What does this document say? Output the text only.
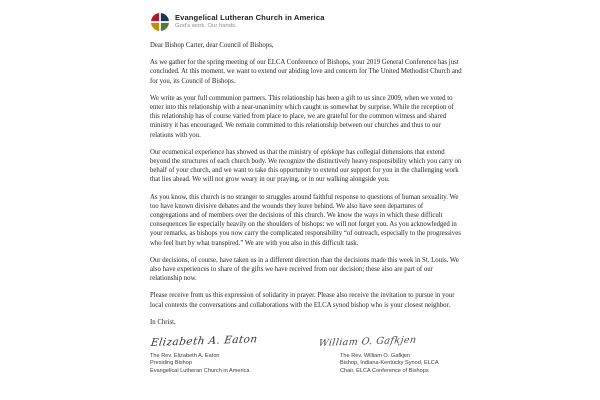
Evangelical Lutheran Church in America
God's work. Our hands.

Dear Bishop Carter, dear Council of Bishops,

As we gather for the spring meeting of our ELCA Conference of Bishops, your 2019 General Conference has just concluded. At this moment, we want to extend our abiding love and concern for The United Methodist Church and for you, its Council of Bishops.

We write as your full communion partners. This relationship has been a gift to us since 2009, when we voted to enter into this relationship with a near-unanimity which caught us somewhat by surprise. While the reception of this relationship has of course varied from place to place, we are grateful for the common witness and shared ministry it has encouraged. We remain committed to this relationship between our churches and thus to our relations with you.

Our ecumenical experience has showed us that the ministry of episkope has collegial dimensions that extend beyond the structures of each church body. We recognize the distinctively heavy responsibility which you carry on behalf of your church, and we want to take this opportunity to extend our support for you in the challenging work that lies ahead. We will not grow weary in our praying, or in our walking alongside you.

As you know, this church is no stranger to struggles around faithful response to questions of human sexuality. We too have known divisive debates and the wounds they leave behind. We also have seen departures of congregations and of members over the decisions of this church. We know the ways in which these difficult consequences lie especially heavily on the shoulders of bishops: we will not forget you. As you acknowledged in your remarks, as bishops you now carry the complicated responsibility “of outreach, especially to the progressives who feel hurt by what transpired.” We are with you also in this difficult task.

Our decisions, of course, have taken us in a different direction than the decisions made this week in St. Louis. We also have experiences to share of the gifts we have received from our decision; these also are part of our relationship now.

Please receive from us this expression of solidarity in prayer. Please also receive the invitation to pursue in your local contexts the conversations and collaborations with the ELCA synod bishop who is your closest neighbor.

In Christ,

Elizabeth A. Eaton	William O. Gafkjen
The Rev. Elizabeth A. Eaton
Presiding Bishop
Evangelical Lutheran Church in America
The Rev. William O. Gafkjen
Bishop, Indiana-Kentucky Synod, ELCA
Chair, ELCA Conference of Bishops
